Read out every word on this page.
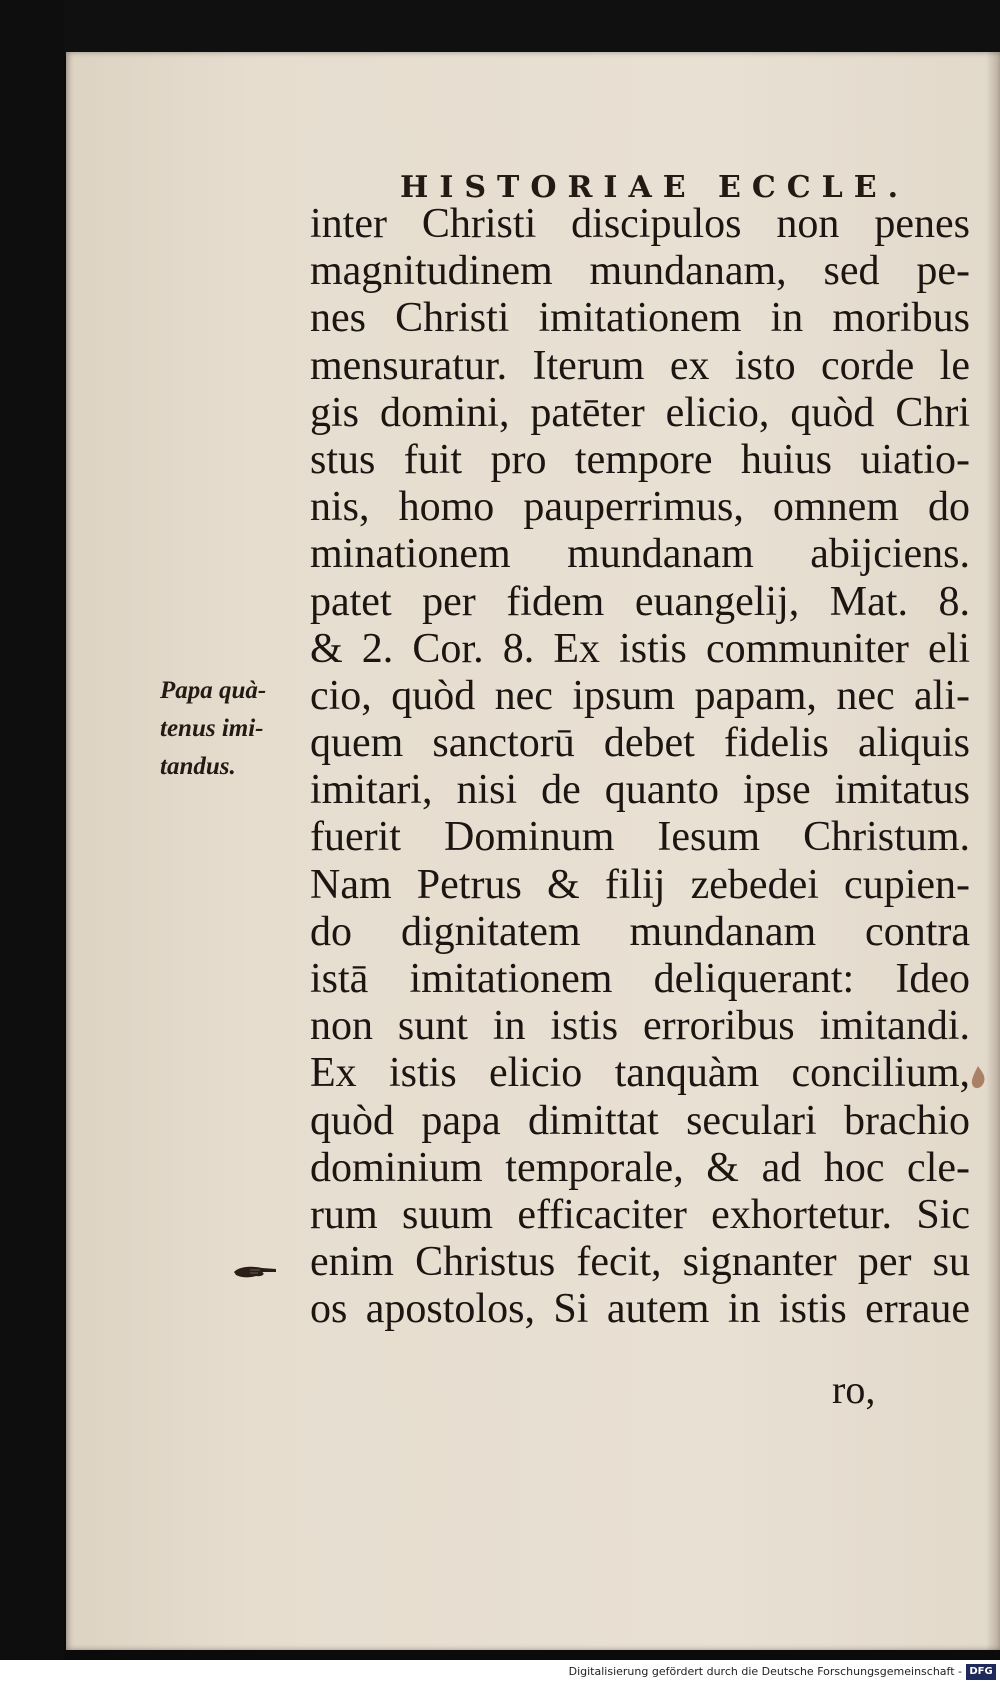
HISTORIAE ECCLE.
inter Christi discipulos non penes
magnitudinem mundanam, sed pe-
nes Christi imitationem in moribus
mensuratur. Iterum ex isto corde le
gis domini, patēter elicio, quòd Chri
stus fuit pro tempore huius uiatio-
nis, homo pauperrimus, omnem do
minationem mundanam abijciens.
patet per fidem euangelij, Mat. 8.
& 2. Cor. 8. Ex istis communiter eli
cio, quòd nec ipsum papam, nec ali-
quem sanctorū debet fidelis aliquis
imitari, nisi de quanto ipse imitatus
fuerit Dominum Iesum Christum.
Nam Petrus & filij zebedei cupien-
do dignitatem mundanam contra
istā imitationem deliquerant: Ideo
non sunt in istis erroribus imitandi.
Ex istis elicio tanquàm concilium,
quòd papa dimittat seculari brachio
dominium temporale, & ad hoc cle-
rum suum efficaciter exhortetur. Sic
enim Christus fecit, signanter per su
os apostolos, Si autem in istis erraue
ro,
Papa quà-
tenus imi-
tandus.
Digitalisierung gefördert durch die Deutsche Forschungsgemeinschaft - DFG
